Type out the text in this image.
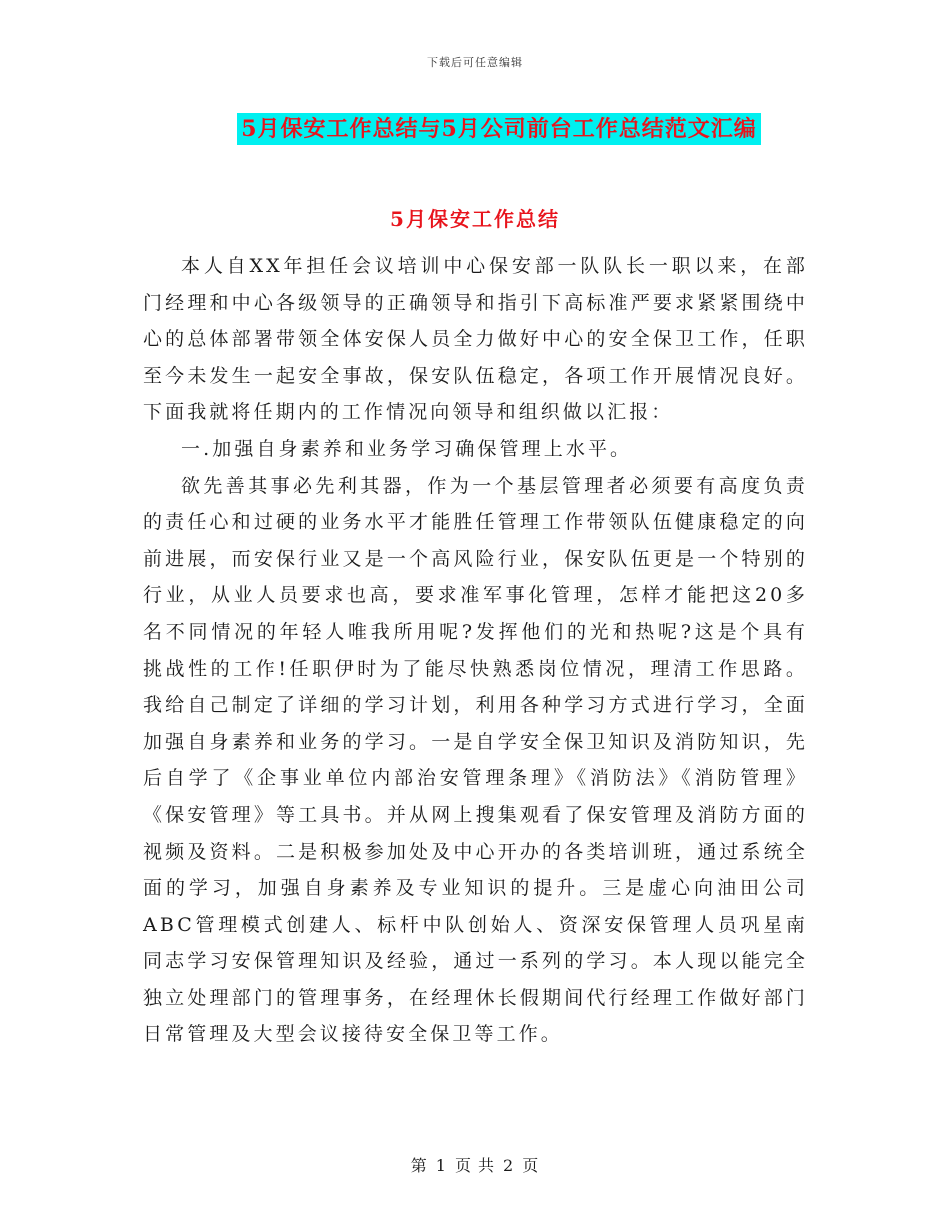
下载后可任意编辑
5月保安工作总结与5月公司前台工作总结范文汇编
5月保安工作总结

本人自XX年担任会议培训中心保安部一队队长一职以来，在部门经理和中心各级领导的正确领导和指引下高标准严要求紧紧围绕中心的总体部署带领全体安保人员全力做好中心的安全保卫工作，任职至今未发生一起安全事故，保安队伍稳定，各项工作开展情况良好。下面我就将任期内的工作情况向领导和组织做以汇报：

一.加强自身素养和业务学习确保管理上水平。

欲先善其事必先利其器，作为一个基层管理者必须要有高度负责的责任心和过硬的业务水平才能胜任管理工作带领队伍健康稳定的向前进展，而安保行业又是一个高风险行业，保安队伍更是一个特别的行业，从业人员要求也高，要求准军事化管理，怎样才能把这20多名不同情况的年轻人唯我所用呢?发挥他们的光和热呢?这是个具有挑战性的工作!任职伊时为了能尽快熟悉岗位情况，理清工作思路。我给自己制定了详细的学习计划，利用各种学习方式进行学习，全面加强自身素养和业务的学习。一是自学安全保卫知识及消防知识，先后自学了《企事业单位内部治安管理条理》《消防法》《消防管理》《保安管理》等工具书。并从网上搜集观看了保安管理及消防方面的视频及资料。二是积极参加处及中心开办的各类培训班，通过系统全面的学习，加强自身素养及专业知识的提升。三是虚心向油田公司ABC管理模式创建人、标杆中队创始人、资深安保管理人员巩星南同志学习安保管理知识及经验，通过一系列的学习。本人现以能完全独立处理部门的管理事务，在经理休长假期间代行经理工作做好部门日常管理及大型会议接待安全保卫等工作。

第 1 页 共 2 页
